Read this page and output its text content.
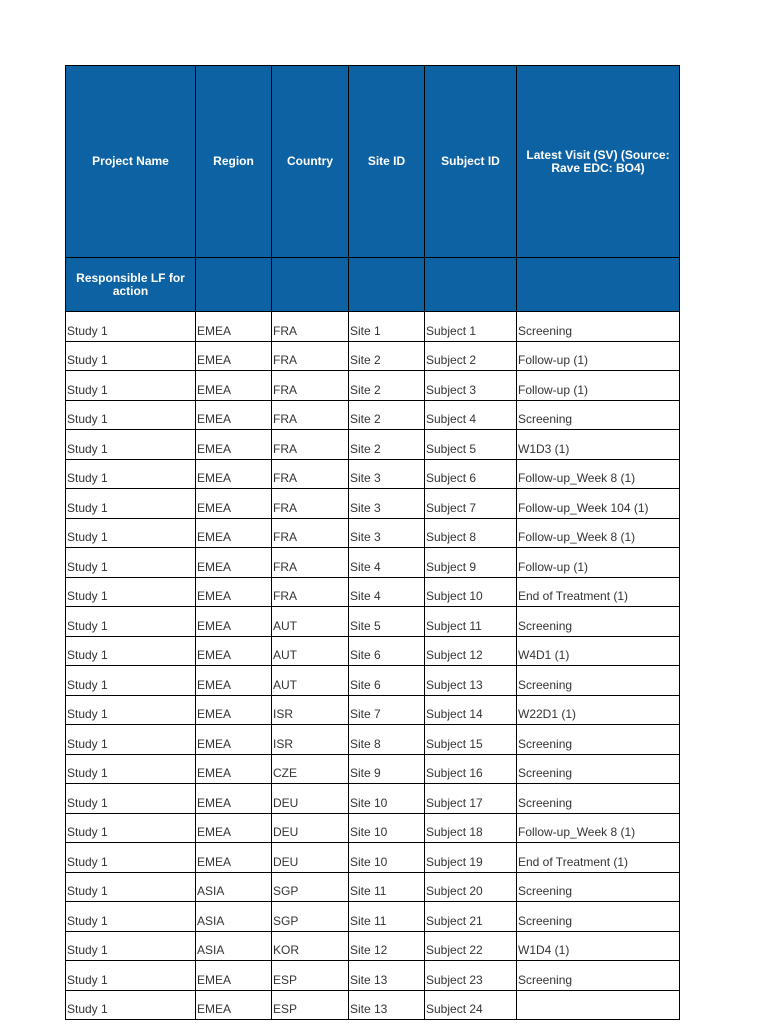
Project Name	Region	Country	Site ID	Subject ID	Latest Visit (SV) (Source: Rave EDC: BO4)
Responsible LF for action					
Study 1	EMEA	FRA	Site 1	Subject 1	Screening
Study 1	EMEA	FRA	Site 2	Subject 2	Follow-up (1)
Study 1	EMEA	FRA	Site 2	Subject 3	Follow-up (1)
Study 1	EMEA	FRA	Site 2	Subject 4	Screening
Study 1	EMEA	FRA	Site 2	Subject 5	W1D3 (1)
Study 1	EMEA	FRA	Site 3	Subject 6	Follow-up_Week 8 (1)
Study 1	EMEA	FRA	Site 3	Subject 7	Follow-up_Week 104 (1)
Study 1	EMEA	FRA	Site 3	Subject 8	Follow-up_Week 8 (1)
Study 1	EMEA	FRA	Site 4	Subject 9	Follow-up (1)
Study 1	EMEA	FRA	Site 4	Subject 10	End of Treatment (1)
Study 1	EMEA	AUT	Site 5	Subject 11	Screening
Study 1	EMEA	AUT	Site 6	Subject 12	W4D1 (1)
Study 1	EMEA	AUT	Site 6	Subject 13	Screening
Study 1	EMEA	ISR	Site 7	Subject 14	W22D1 (1)
Study 1	EMEA	ISR	Site 8	Subject 15	Screening
Study 1	EMEA	CZE	Site 9	Subject 16	Screening
Study 1	EMEA	DEU	Site 10	Subject 17	Screening
Study 1	EMEA	DEU	Site 10	Subject 18	Follow-up_Week 8 (1)
Study 1	EMEA	DEU	Site 10	Subject 19	End of Treatment (1)
Study 1	ASIA	SGP	Site 11	Subject 20	Screening
Study 1	ASIA	SGP	Site 11	Subject 21	Screening
Study 1	ASIA	KOR	Site 12	Subject 22	W1D4 (1)
Study 1	EMEA	ESP	Site 13	Subject 23	Screening
Study 1	EMEA	ESP	Site 13	Subject 24	
